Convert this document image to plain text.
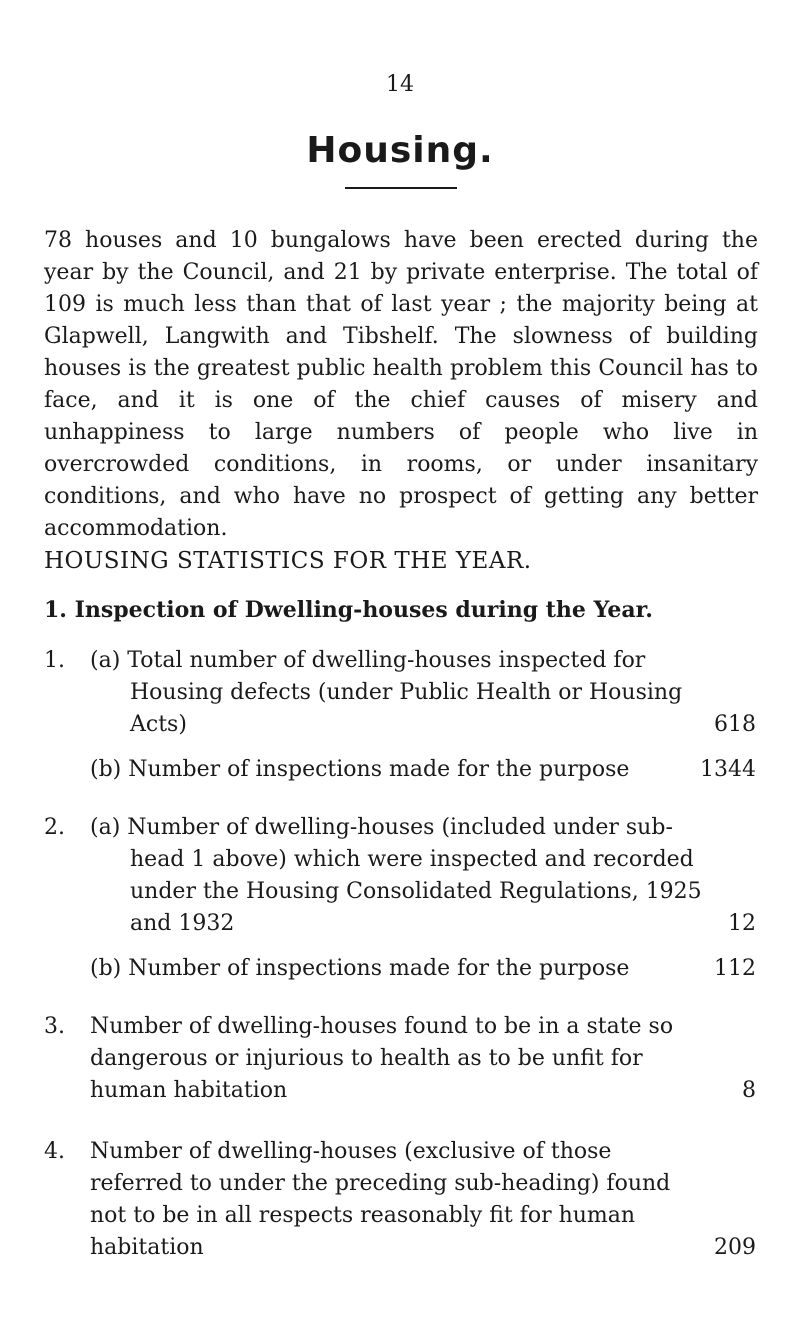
14
Housing.

78 houses and 10 bungalows have been erected during the year by the Council, and 21 by private enterprise. The total of 109 is much less than that of last year ; the majority being at Glapwell, Langwith and Tibshelf. The slowness of building houses is the greatest public health problem this Council has to face, and it is one of the chief causes of misery and unhappiness to large numbers of people who live in overcrowded conditions, in rooms, or under insanitary conditions, and who have no prospect of getting any better accommodation.

HOUSING STATISTICS FOR THE YEAR.

1. Inspection of Dwelling-houses during the Year.

1. (a) Total number of dwelling-houses inspected for Housing defects (under Public Health or Housing Acts)	618
(b) Number of inspections made for the purpose	1344
2. (a) Number of dwelling-houses (included under sub-head 1 above) which were inspected and recorded under the Housing Consolidated Regulations, 1925 and 1932	12
(b) Number of inspections made for the purpose	112
3. Number of dwelling-houses found to be in a state so dangerous or injurious to health as to be unfit for human habitation	8
4. Number of dwelling-houses (exclusive of those referred to under the preceding sub-heading) found not to be in all respects reasonably fit for human habitation	209
